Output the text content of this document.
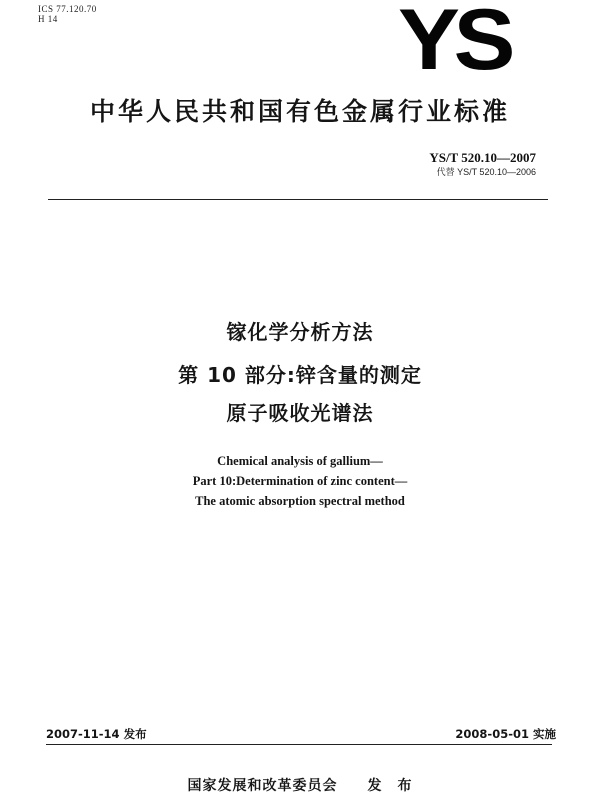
ICS 77.120.70
H 14	YS
中华人民共和国有色金属行业标准
YS/T 520.10—2007
代替 YS/T 520.10—2006
镓化学分析方法
第 10 部分:锌含量的测定
原子吸收光谱法
Chemical analysis of gallium—
Part 10:Determination of zinc content—
The atomic absorption spectral method
2007-11-14 发布	2008-05-01 实施
国家发展和改革委员会　　发　布
